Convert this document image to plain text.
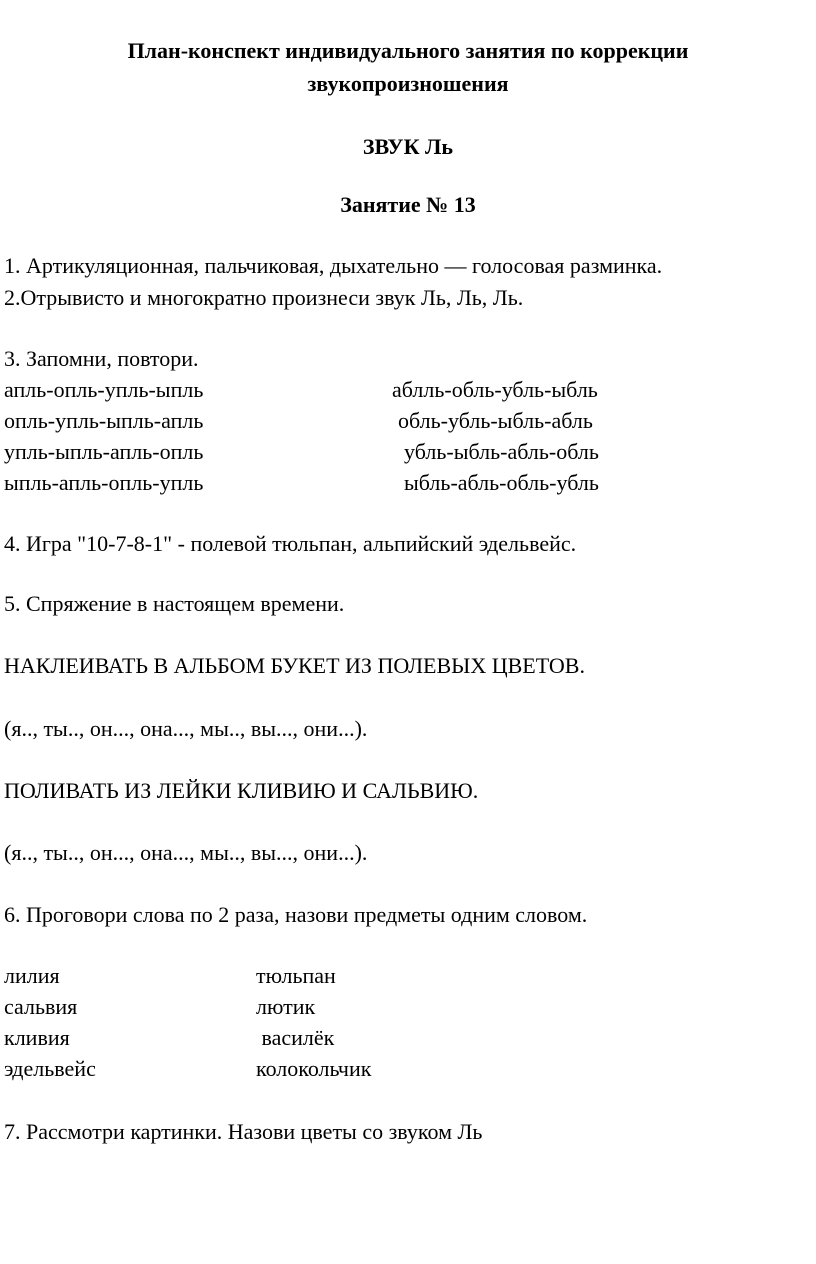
План-конспект индивидуального занятия по коррекции
звукопроизношения
ЗВУК Ль
Занятие № 13
1. Артикуляционная, пальчиковая, дыхательно — голосовая разминка.
2.Отрывисто и многократно произнеси звук Ль, Ль, Ль.
3. Запомни, повтори.
апль-опль-упль-ыпль
опль-упль-ыпль-апль
упль-ыпль-апль-опль
ыпль-апль-опль-упль
аблль-обль-убль-ыбль
обль-убль-ыбль-абль
убль-ыбль-абль-обль
ыбль-абль-обль-убль
4. Игра "10-7-8-1" - полевой тюльпан, альпийский эдельвейс.
5. Спряжение в настоящем времени.
НАКЛЕИВАТЬ В АЛЬБОМ БУКЕТ ИЗ ПОЛЕВЫХ ЦВЕТОВ.
(я.., ты.., он..., она..., мы.., вы..., они...).
ПОЛИВАТЬ ИЗ ЛЕЙКИ КЛИВИЮ И САЛЬВИЮ.
(я.., ты.., он..., она..., мы.., вы..., они...).
6. Проговори слова по 2 раза, назови предметы одним словом.
лилия
сальвия
кливия
эдельвейс
тюльпан
лютик
василёк
колокольчик
7. Рассмотри картинки. Назови цветы со звуком Ль
